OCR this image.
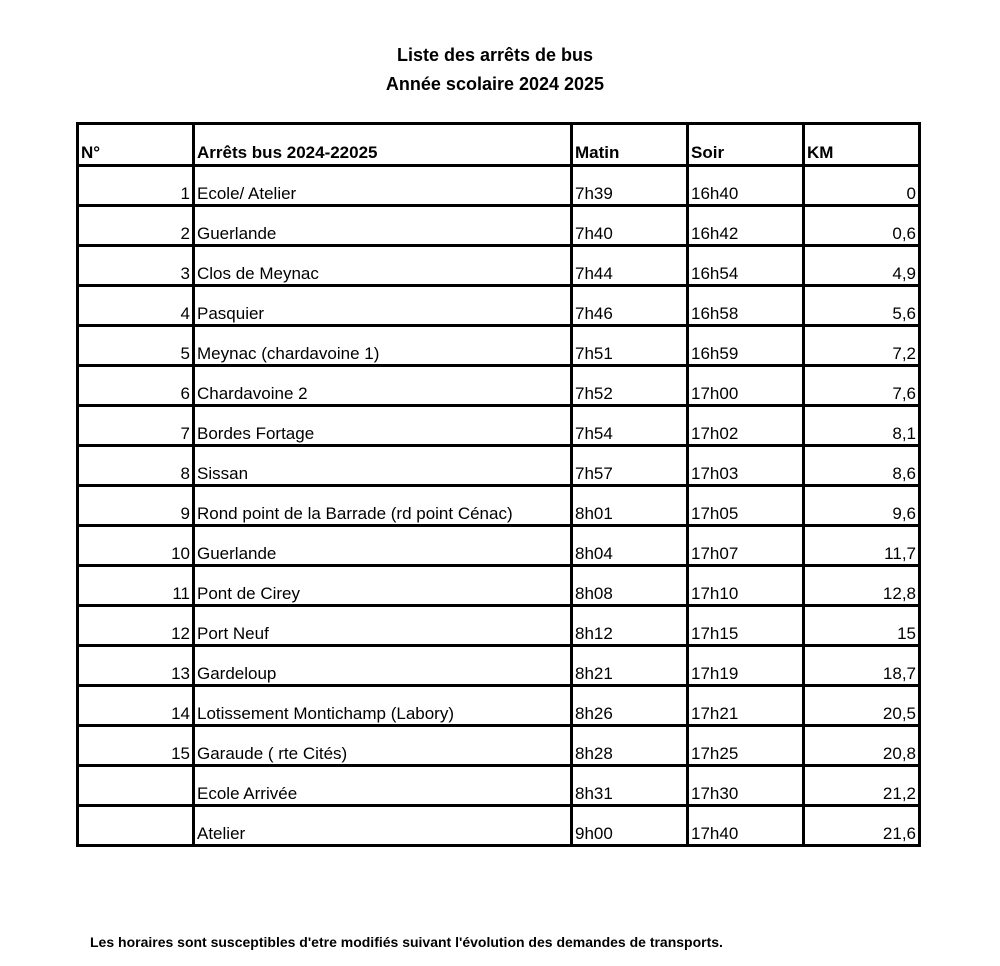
Liste des arrêts de bus
Année scolaire 2024 2025
N°	Arrêts bus 2024-22025	Matin	Soir	KM
1	Ecole/ Atelier	7h39	16h40	0
2	Guerlande	7h40	16h42	0,6
3	Clos de Meynac	7h44	16h54	4,9
4	Pasquier	7h46	16h58	5,6
5	Meynac (chardavoine 1)	7h51	16h59	7,2
6	Chardavoine 2	7h52	17h00	7,6
7	Bordes Fortage	7h54	17h02	8,1
8	Sissan	7h57	17h03	8,6
9	Rond point de la Barrade (rd point Cénac)	8h01	17h05	9,6
10	Guerlande	8h04	17h07	11,7
11	Pont de Cirey	8h08	17h10	12,8
12	Port Neuf	8h12	17h15	15
13	Gardeloup	8h21	17h19	18,7
14	Lotissement Montichamp (Labory)	8h26	17h21	20,5
15	Garaude ( rte Cités)	8h28	17h25	20,8
	Ecole Arrivée	8h31	17h30	21,2
	Atelier	9h00	17h40	21,6
Les horaires sont susceptibles d'etre modifiés suivant l'évolution des demandes de transports.
